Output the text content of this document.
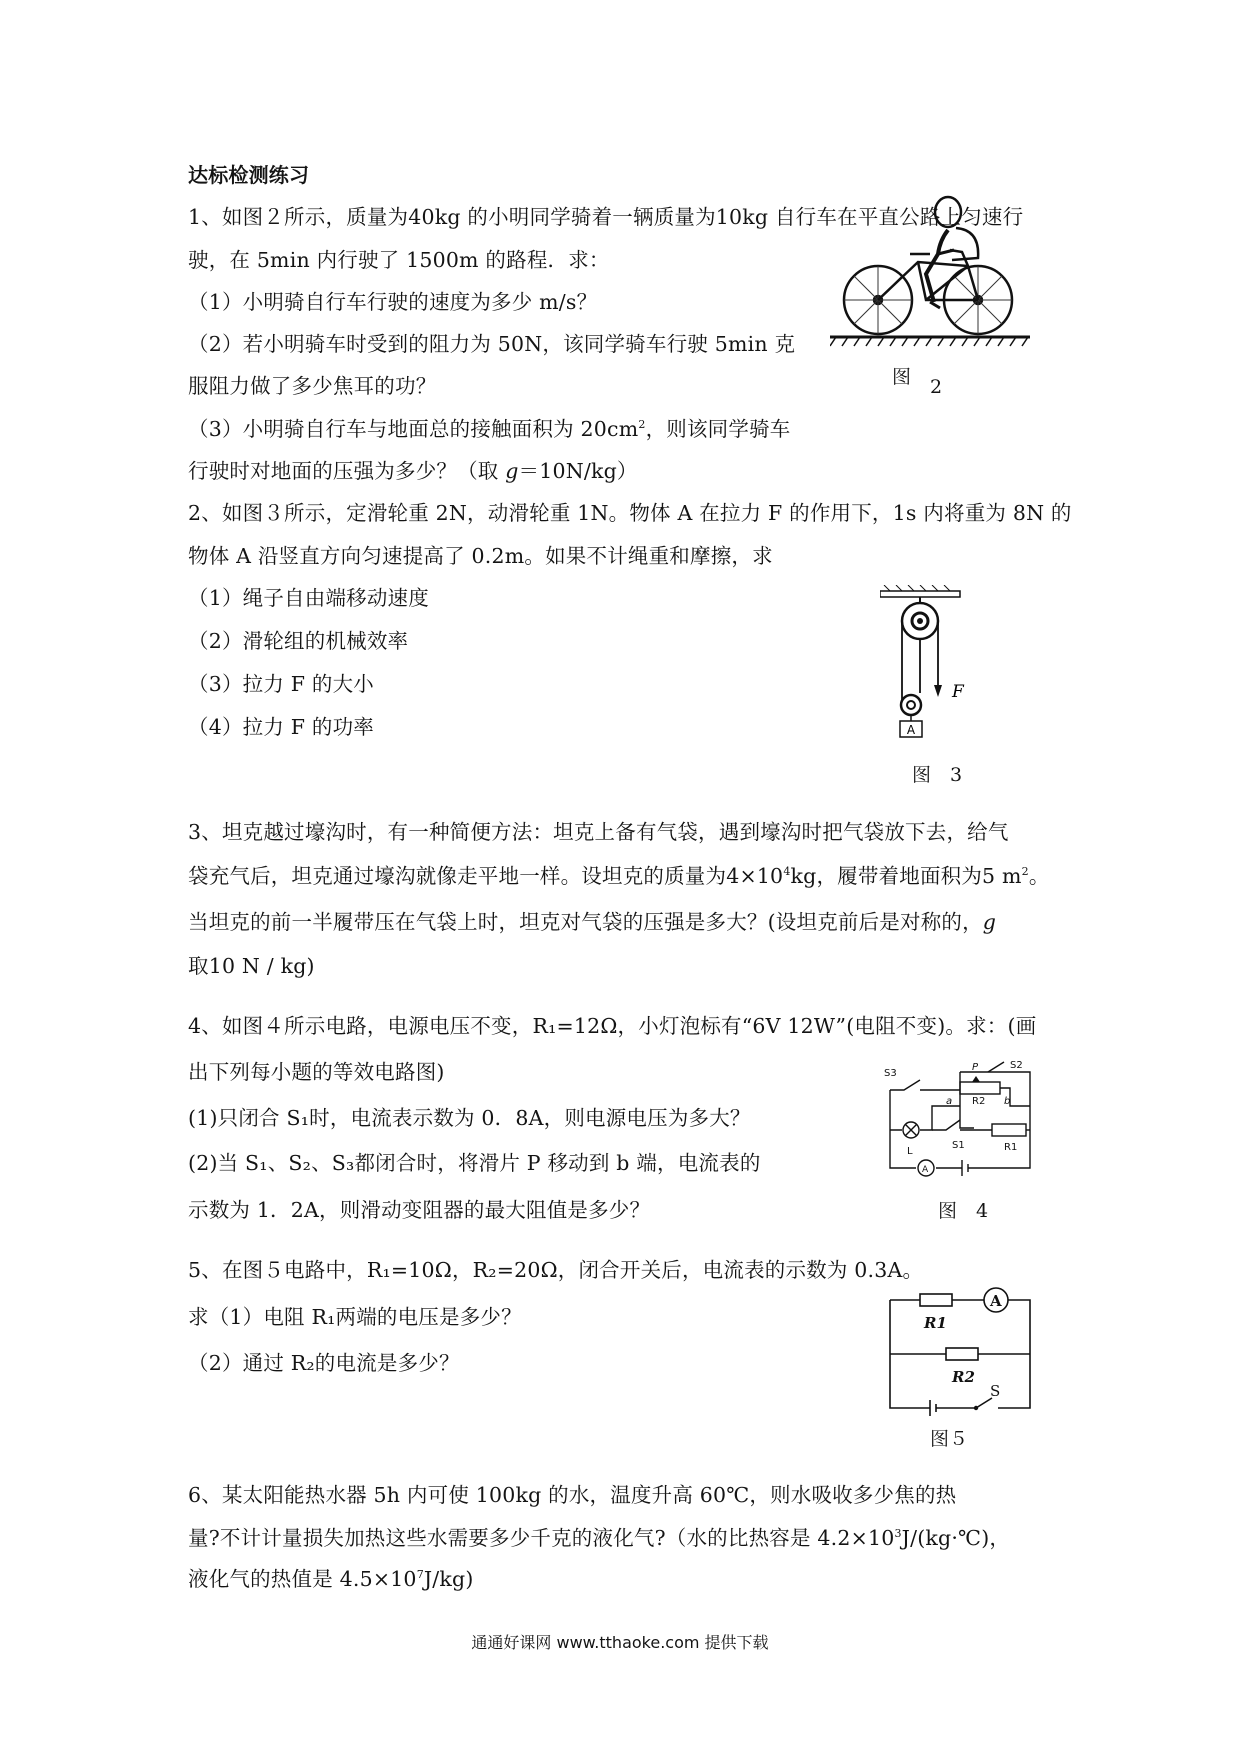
达标检测练习
1、如图２所示，质量为40kg 的小明同学骑着一辆质量为10kg 自行车在平直公路上匀速行
驶，在 5min 内行驶了 1500m 的路程．求：
（1）小明骑自行车行驶的速度为多少 m/s？
（2）若小明骑车时受到的阻力为 50N，该同学骑车行驶 5min 克
服阻力做了多少焦耳的功？
（3）小明骑自行车与地面总的接触面积为 $20cm^2$，则该同学骑车
行驶时对地面的压强为多少？（取 g＝10N/kg）
图 2
2、如图３所示，定滑轮重 2N，动滑轮重 1N。物体 A 在拉力 F 的作用下，1s 内将重为 8N 的
物体 A 沿竖直方向匀速提高了 0.2m。如果不计绳重和摩擦，求
（1）绳子自由端移动速度
（2）滑轮组的机械效率
（3）拉力 F 的大小
（4）拉力 F 的功率	A
F
图　3
3、坦克越过壕沟时，有一种简便方法：坦克上备有气袋，遇到壕沟时把气袋放下去，给气
袋充气后，坦克通过壕沟就像走平地一样。设坦克的质量为$4\times 10^4kg$，履带着地面积为5 $m^2$。
当坦克的前一半履带压在气袋上时，坦克对气袋的压强是多大？(设坦克前后是对称的，g
取10 N / kg)
4、如图４所示电路，电源电压不变，R₁=12Ω，小灯泡标有“6V 12W”(电阻不变)。求：(画
出下列每小题的等效电路图)
(1)只闭合 S₁时，电流表示数为 0．8A，则电源电压为多大？
(2)当 S₁、S₂、S₃都闭合时，将滑片 P 移动到 b 端，电流表的
示数为 1．2A，则滑动变阻器的最大阻值是多少？
S3
S2
P
a	b
R2
L
S1	R1
A
图　4
5、在图５电路中，R₁=10Ω，R₂=20Ω，闭合开关后，电流表的示数为 0.3A。
求（1）电阻 R₁两端的电压是多少？
（2）通过 R₂的电流是多少？
A
R1
R2
S
图５
6、某太阳能热水器 5h 内可使 100kg 的水，温度升高 60℃，则水吸收多少焦的热
量?不计计量损失加热这些水需要多少千克的液化气?（水的比热容是 $4.2\times 10^3J/(kg\cdot℃)$，
液化气的热值是 $4.5\times 10^7J/kg$)
通通好课网 www.tthaoke.com 提供下载
